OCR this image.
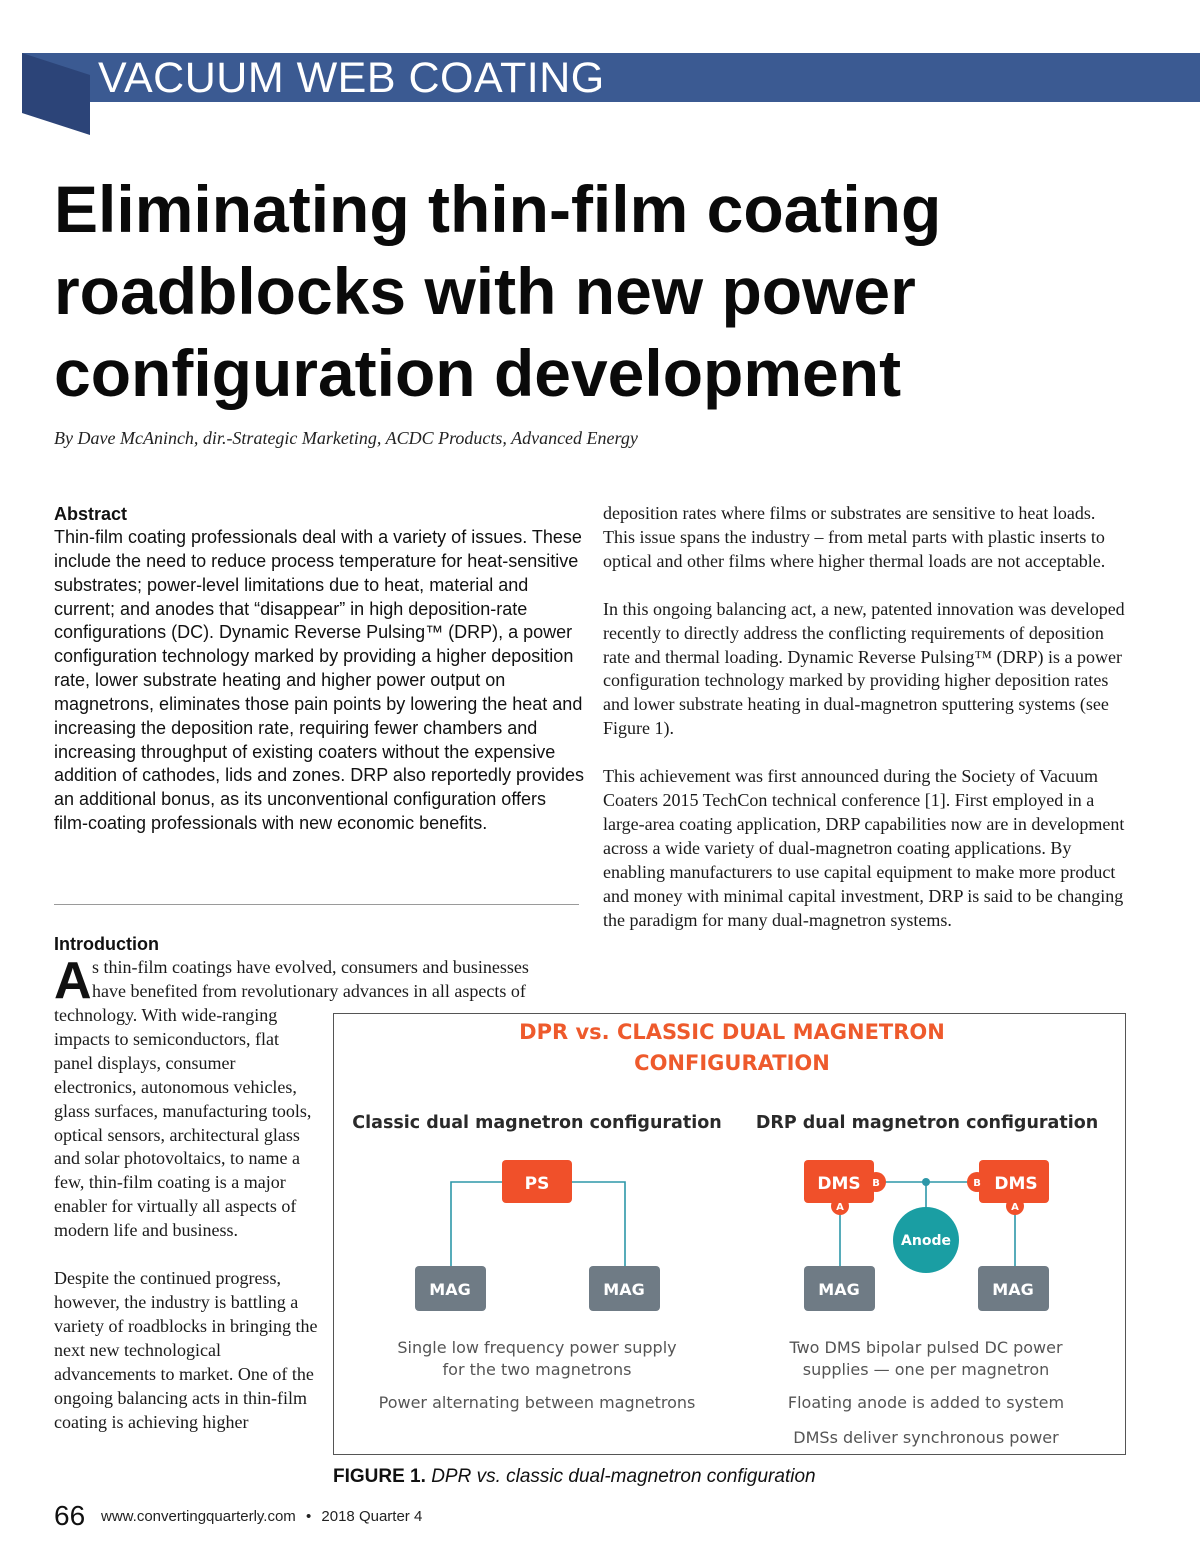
VACUUM WEB COATING
Eliminating thin-film coating roadblocks with new power configuration development
By Dave McAninch, dir.-Strategic Marketing, ACDC Products, Advanced Energy
Abstract

Thin-film coating professionals deal with a variety of issues. These include the need to reduce process temperature for heat-sensitive substrates; power-level limitations due to heat, material and current; and anodes that “disappear” in high deposition-rate configurations (DC). Dynamic Reverse Pulsing™ (DRP), a power configuration technology marked by providing a higher deposition rate, lower substrate heating and higher power output on magnetrons, eliminates those pain points by lowering the heat and increasing the deposition rate, requiring fewer chambers and increasing throughput of existing coaters without the expensive addition of cathodes, lids and zones. DRP also reportedly provides an additional bonus, as its unconventional configuration offers film-coating professionals with new economic benefits.

Introduction
A s thin-film coatings have evolved, consumers and businesses
have benefited from revolutionary advances in all aspects of

technology. With wide-ranging impacts to semiconductors, flat panel displays, consumer electronics, autonomous vehicles, glass surfaces, manufacturing tools, optical sensors, architectural glass and solar photovoltaics, to name a few, thin-film coating is a major enabler for virtually all aspects of modern life and business.

Despite the continued progress, however, the industry is battling a variety of roadblocks in bringing the next new technological advancements to market. One of the ongoing balancing acts in thin-film coating is achieving higher

deposition rates where films or substrates are sensitive to heat loads. This issue spans the industry – from metal parts with plastic inserts to optical and other films where higher thermal loads are not acceptable.

In this ongoing balancing act, a new, patented innovation was developed recently to directly address the conflicting requirements of deposition rate and thermal loading. Dynamic Reverse Pulsing™ (DRP) is a power configuration technology marked by providing higher deposition rates and lower substrate heating in dual-magnetron sputtering systems (see Figure 1).

This achievement was first announced during the Society of Vacuum Coaters 2015 TechCon technical conference [1]. First employed in a large-area coating application, DRP capabilities now are in development across a wide variety of dual-magnetron coating applications. By enabling manufacturers to use capital equipment to make more product and money with minimal capital investment, DRP is said to be changing the paradigm for many dual-magnetron systems.

DPR vs. CLASSIC DUAL MAGNETRON
CONFIGURATION
Classic dual magnetron configuration DRP dual magnetron configuration
PS
MAG	MAG
DMS B
A
DMS
B
A
Anode
MAG	MAG
Single low frequency power supply
for the two magnetrons
Power alternating between magnetrons
Two DMS bipolar pulsed DC power
supplies — one per magnetron
Floating anode is added to system
DMSs deliver synchronous power
FIGURE 1. DPR vs. classic dual-magnetron configuration
66 www.convertingquarterly.com • 2018 Quarter 4
